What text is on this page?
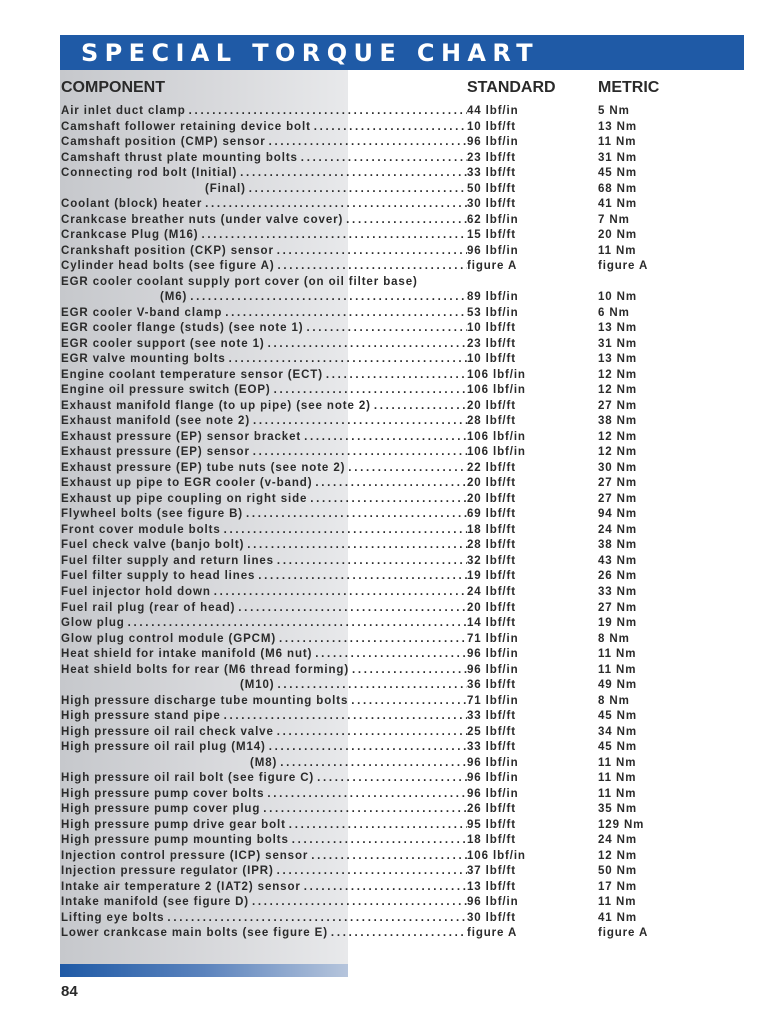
SPECIAL TORQUE CHART
COMPONENT	STANDARD	METRIC
Air inlet duct clamp . . .	44 lbf/in	5 Nm
Camshaft follower retaining device bolt . . .	10 lbf/ft	13 Nm
Camshaft position (CMP) sensor . . .	96 lbf/in	11 Nm
Camshaft thrust plate mounting bolts . . .	23 lbf/ft	31 Nm
Connecting rod bolt (Initial) . . .	33 lbf/ft	45 Nm
(Final) . . .	50 lbf/ft	68 Nm
Coolant (block) heater . . .	30 lbf/ft	41 Nm
Crankcase breather nuts (under valve cover) . . .	62 lbf/in	7 Nm
Crankcase Plug (M16) . . .	15 lbf/ft	20 Nm
Crankshaft position (CKP) sensor . . .	96 lbf/in	11 Nm
Cylinder head bolts (see figure A) . . .	figure A	figure A
EGR cooler coolant supply port cover (on oil filter base)
(M6) . . .	89 lbf/in	10 Nm
EGR cooler V-band clamp . . .	53 lbf/in	6 Nm
EGR cooler flange (studs) (see note 1) . . .	10 lbf/ft	13 Nm
EGR cooler support (see note 1) . . .	23 lbf/ft	31 Nm
EGR valve mounting bolts . . .	10 lbf/ft	13 Nm
Engine coolant temperature sensor (ECT) . . .	106 lbf/in	12 Nm
Engine oil pressure switch (EOP) . . .	106 lbf/in	12 Nm
Exhaust manifold flange (to up pipe) (see note 2) . . .	20 lbf/ft	27 Nm
Exhaust manifold (see note 2) . . .	28 lbf/ft	38 Nm
Exhaust pressure (EP) sensor bracket . . .	106 lbf/in	12 Nm
Exhaust pressure (EP) sensor . . .	106 lbf/in	12 Nm
Exhaust pressure (EP) tube nuts (see note 2) . . .	22 lbf/ft	30 Nm
Exhaust up pipe to EGR cooler (v-band) . . .	20 lbf/ft	27 Nm
Exhaust up pipe coupling on right side . . .	20 lbf/ft	27 Nm
Flywheel bolts (see figure B) . . .	69 lbf/ft	94 Nm
Front cover module bolts . . .	18 lbf/ft	24 Nm
Fuel check valve (banjo bolt) . . .	28 lbf/ft	38 Nm
Fuel filter supply and return lines . . .	32 lbf/ft	43 Nm
Fuel filter supply to head lines . . .	19 lbf/ft	26 Nm
Fuel injector hold down . . .	24 lbf/ft	33 Nm
Fuel rail plug (rear of head) . . .	20 lbf/ft	27 Nm
Glow plug . . .	14 lbf/ft	19 Nm
Glow plug control module (GPCM) . . .	71 lbf/in	8 Nm
Heat shield for intake manifold (M6 nut) . . .	96 lbf/in	11 Nm
Heat shield bolts for rear (M6 thread forming) . . .	96 lbf/in	11 Nm
(M10) . . .	36 lbf/ft	49 Nm
High pressure discharge tube mounting bolts . . .	71 lbf/in	8 Nm
High pressure stand pipe . . .	33 lbf/ft	45 Nm
High pressure oil rail check valve . . .	25 lbf/ft	34 Nm
High pressure oil rail plug (M14) . . .	33 lbf/ft	45 Nm
(M8) . . .	96 lbf/in	11 Nm
High pressure oil rail bolt (see figure C) . . .	96 lbf/in	11 Nm
High pressure pump cover bolts . . .	96 lbf/in	11 Nm
High pressure pump cover plug . . .	26 lbf/ft	35 Nm
High pressure pump drive gear bolt . . .	95 lbf/ft	129 Nm
High pressure pump mounting bolts . . .	18 lbf/ft	24 Nm
Injection control pressure (ICP) sensor . . .	106 lbf/in	12 Nm
Injection pressure regulator (IPR) . . .	37 lbf/ft	50 Nm
Intake air temperature 2 (IAT2) sensor . . .	13 lbf/ft	17 Nm
Intake manifold (see figure D) . . .	96 lbf/in	11 Nm
Lifting eye bolts . . .	30 lbf/ft	41 Nm
Lower crankcase main bolts (see figure E) . . .	figure A	figure A
84
